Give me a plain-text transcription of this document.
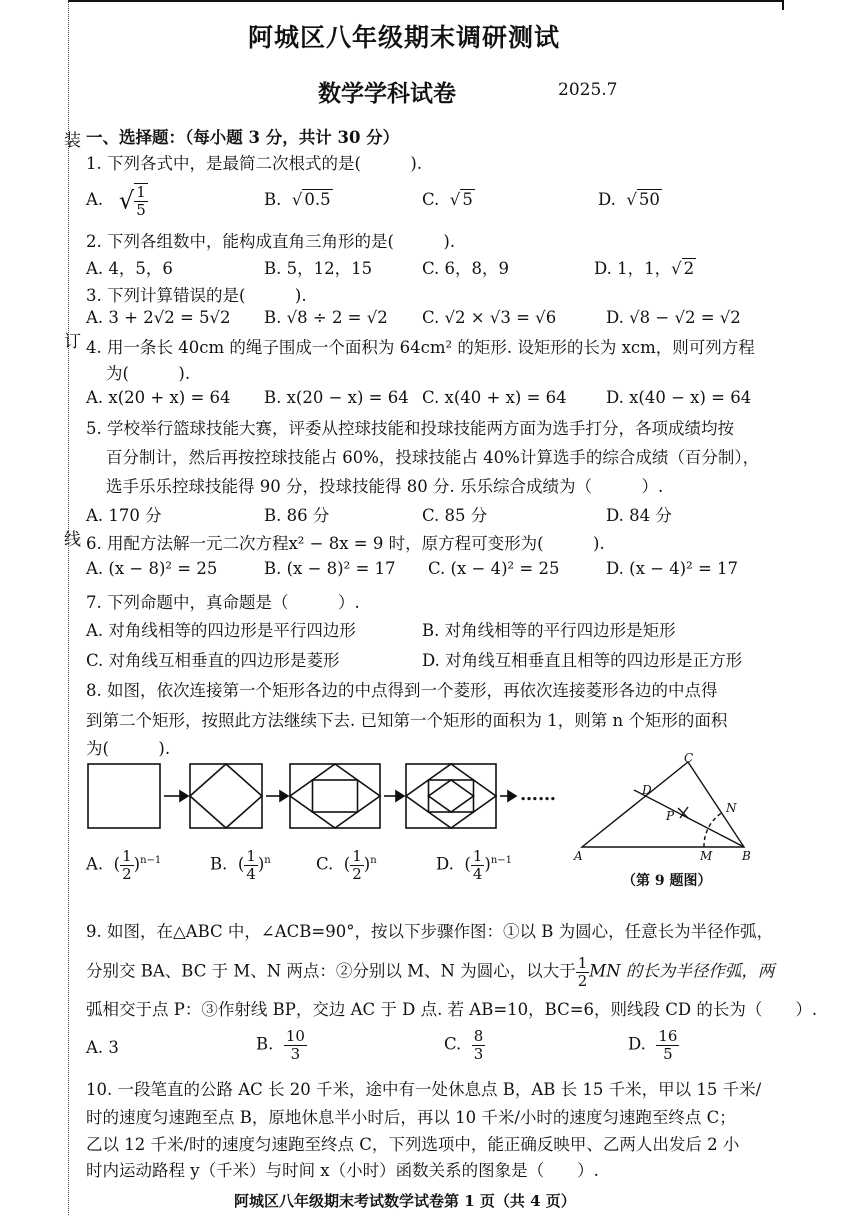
装
订
线
阿城区八年级期末调研测试
数学学科试卷	2025.7
一、选择题：（每小题 3 分，共计 30 分）
1. 下列各式中，是最简二次根式的是(　　　).
A. √ $\frac{1}{5}$	B.  √ 0.5	C.  √ 5	D.  √ 50
2. 下列各组数中，能构成直角三角形的是(　　　).
A. 4，5，6	B. 5，12，15	C. 6，8，9	D. 1，1，√ 2
3. 下列计算错误的是(　　　).
A. 3 + 2√2 = 5√2 B. √8 ÷ 2 = √2 C. √2 × √3 = √6	D. √8 − √2 = √2
4. 用一条长 40cm 的绳子围成一个面积为 64cm² 的矩形. 设矩形的长为 xcm，则可列方程
为(　　　).
A. x(20 + x) = 64 B. x(20 − x) = 64 C. x(40 + x) = 64 D. x(40 − x) = 64
5. 学校举行篮球技能大赛，评委从控球技能和投球技能两方面为选手打分，各项成绩均按
百分制计，然后再按控球技能占 60%，投球技能占 40%计算选手的综合成绩（百分制），
选手乐乐控球技能得 90 分，投球技能得 80 分. 乐乐综合成绩为（　　　）.
A. 170 分	B. 86 分	C. 85 分	D. 84 分
6. 用配方法解一元二次方程x² − 8x = 9 时，原方程可变形为(　　　).
A. (x − 8)² = 25	B. (x − 8)² = 17 C. (x − 4)² = 25	D. (x − 4)² = 17
7. 下列命题中，真命题是（　　　）.
A. 对角线相等的四边形是平行四边形	B. 对角线相等的平行四边形是矩形
C. 对角线互相垂直的四边形是菱形	D. 对角线互相垂直且相等的四边形是正方形
8. 如图，依次连接第一个矩形各边的中点得到一个菱形，再依次连接菱形各边的中点得
到第二个矩形，按照此方法继续下去. 已知第一个矩形的面积为 1，则第 n 个矩形的面积
为(　　　).
……
A	B
C
D
M
N
P
（第 9 题图）
A.  ( $\frac{1}{2} )^{n-1}$	B.  ( $\frac{1}{4} )^n$	C.  ( $\frac{1}{2} )^n$	D.  ( $\frac{1}{4} )^{n-1}$
9. 如图，在△ABC 中，∠ACB=90°，按以下步骤作图：①以 B 为圆心，任意长为半径作弧，
分别交 BA、BC 于 M、N 两点：②分别以 M、N 为圆心，以大于 $\frac{1}{2}$ MN 的长为半径作弧，两
弧相交于点 P：③作射线 BP，交边 AC 于 D 点. 若 AB=10，BC=6，则线段 CD 的长为（　　）.
A. 3	B. $\frac{10}{3}$	C. $\frac{8}{3}$	D. $\frac{16}{5}$
10. 一段笔直的公路 AC 长 20 千米，途中有一处休息点 B，AB 长 15 千米，甲以 15 千米/
时的速度匀速跑至点 B，原地休息半小时后，再以 10 千米/小时的速度匀速跑至终点 C；
乙以 12 千米/时的速度匀速跑至终点 C，下列选项中，能正确反映甲、乙两人出发后 2 小
时内运动路程 y（千米）与时间 x（小时）函数关系的图象是（　　）.
阿城区八年级期末考试数学试卷第 1 页（共 4 页）
